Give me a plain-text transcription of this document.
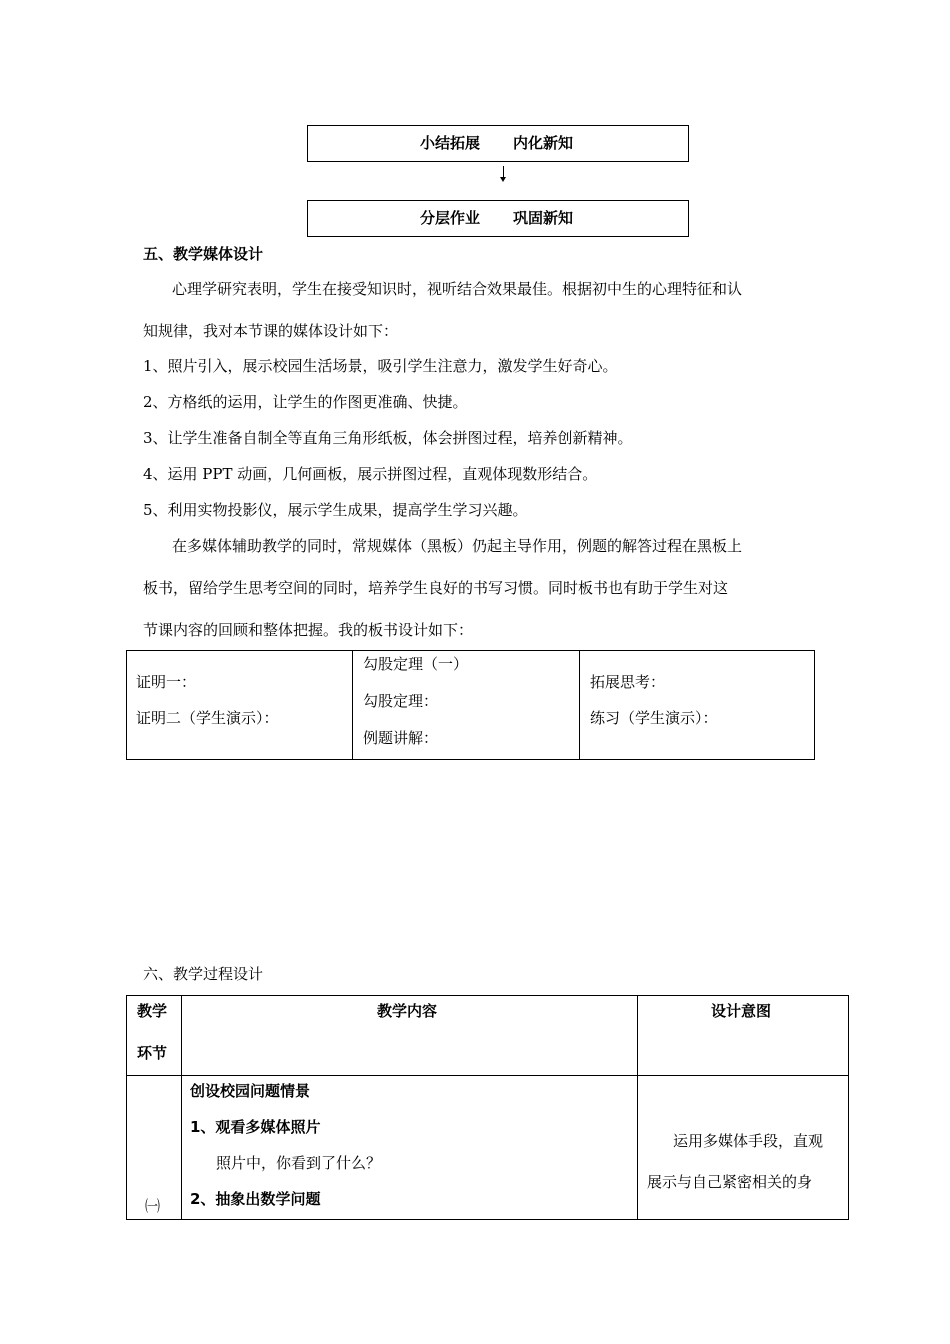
小结拓展 内化新知
分层作业 巩固新知
五、教学媒体设计
心理学研究表明，学生在接受知识时，视听结合效果最佳。根据初中生的心理特征和认
知规律，我对本节课的媒体设计如下：
1、照片引入，展示校园生活场景，吸引学生注意力，激发学生好奇心。
2、方格纸的运用，让学生的作图更准确、快捷。
3、让学生准备自制全等直角三角形纸板，体会拼图过程，培养创新精神。
4、运用 PPT 动画，几何画板，展示拼图过程，直观体现数形结合。
5、利用实物投影仪，展示学生成果，提高学生学习兴趣。
在多媒体辅助教学的同时，常规媒体（黑板）仍起主导作用，例题的解答过程在黑板上
板书，留给学生思考空间的同时，培养学生良好的书写习惯。同时板书也有助于学生对这
节课内容的回顾和整体把握。我的板书设计如下：
证明一：
证明二（学生演示）：
勾股定理（一）
勾股定理：
例题讲解：
拓展思考：
练习（学生演示）：
六、教学过程设计
教学
环节
教学内容	设计意图
㈠
创设校园问题情景
1、观看多媒体照片
照片中，你看到了什么？
2、抽象出数学问题
运用多媒体手段，直观
展示与自己紧密相关的身
